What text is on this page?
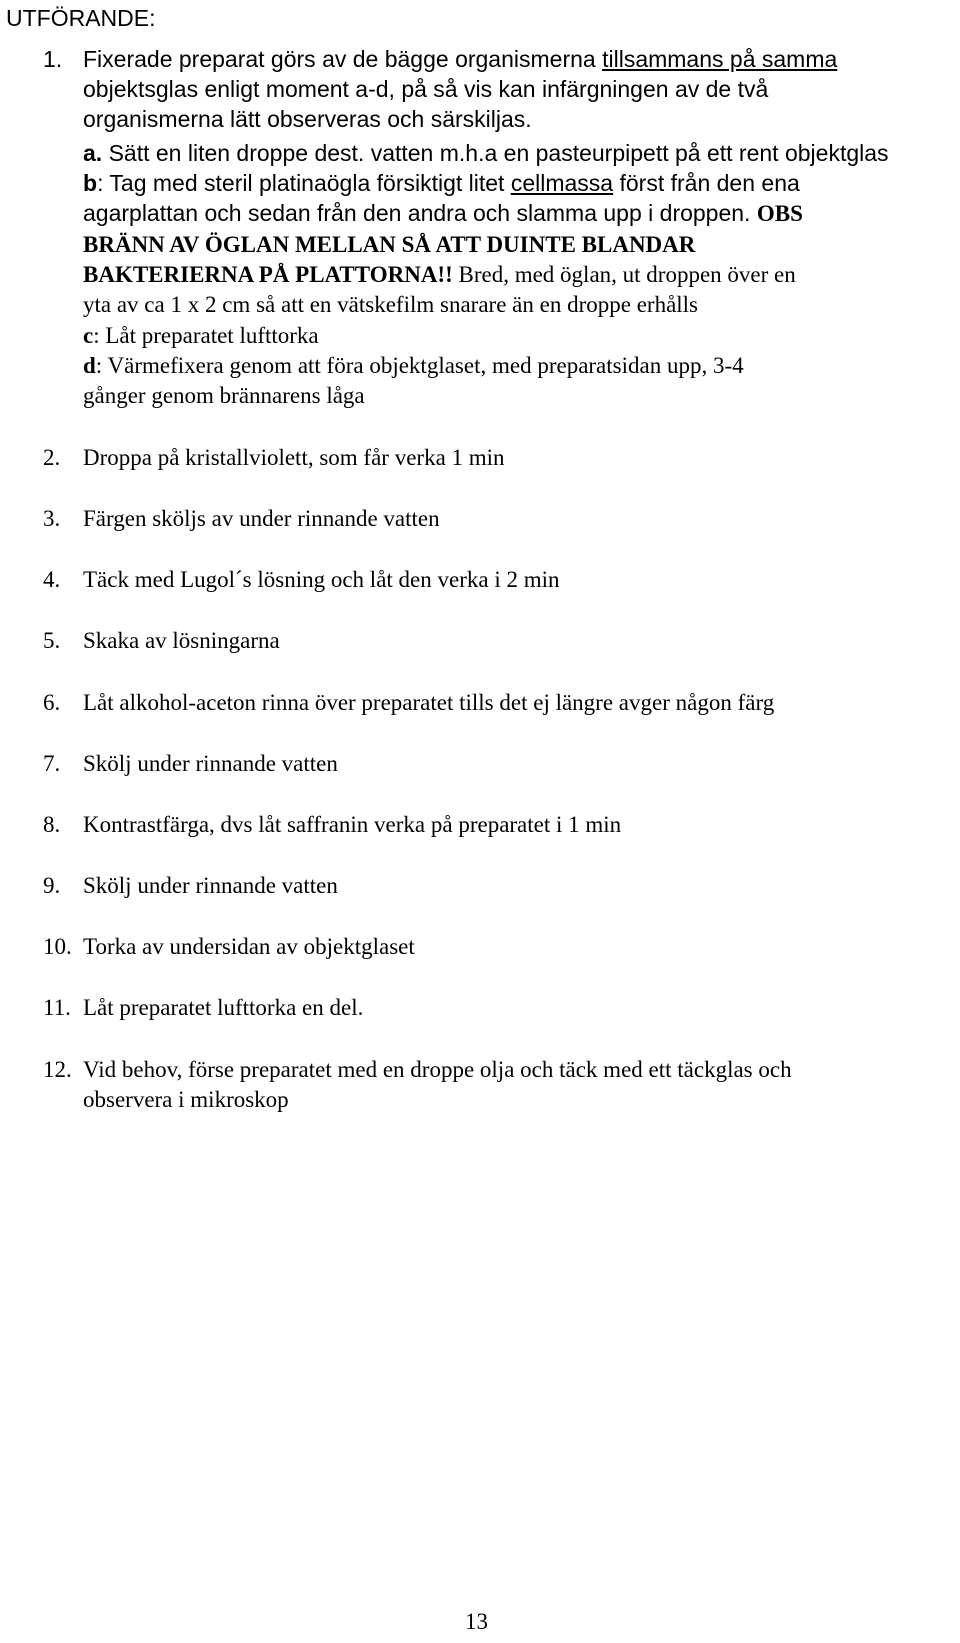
UTFÖRANDE:
1. Fixerade preparat görs av de bägge organismerna tillsammans på samma
objektsglas enligt moment a-d, på så vis kan infärgningen av de två
organismerna lätt observeras och särskiljas.
a. Sätt en liten droppe dest. vatten m.h.a en pasteurpipett på ett rent objektglas
b: Tag med steril platinaögla försiktigt litet cellmassa först från den ena
agarplattan och sedan från den andra och slamma upp i droppen. OBS
BRÄNN AV ÖGLAN MELLAN SÅ ATT DUINTE BLANDAR
BAKTERIERNA PÅ PLATTORNA!! Bred, med öglan, ut droppen över en
yta av ca 1 x 2 cm så att en vätskefilm snarare än en droppe erhålls
c: Låt preparatet lufttorka
d: Värmefixera genom att föra objektglaset, med preparatsidan upp, 3-4
gånger genom brännarens låga
2. Droppa på kristallviolett, som får verka 1 min
3. Färgen sköljs av under rinnande vatten
4. Täck med Lugol´s lösning och låt den verka i 2 min
5. Skaka av lösningarna
6. Låt alkohol-aceton rinna över preparatet tills det ej längre avger någon färg
7. Skölj under rinnande vatten
8. Kontrastfärga, dvs låt saffranin verka på preparatet i 1 min
9. Skölj under rinnande vatten
10. Torka av undersidan av objektglaset
11. Låt preparatet lufttorka en del.
12. Vid behov, förse preparatet med en droppe olja och täck med ett täckglas och
observera i mikroskop
13
